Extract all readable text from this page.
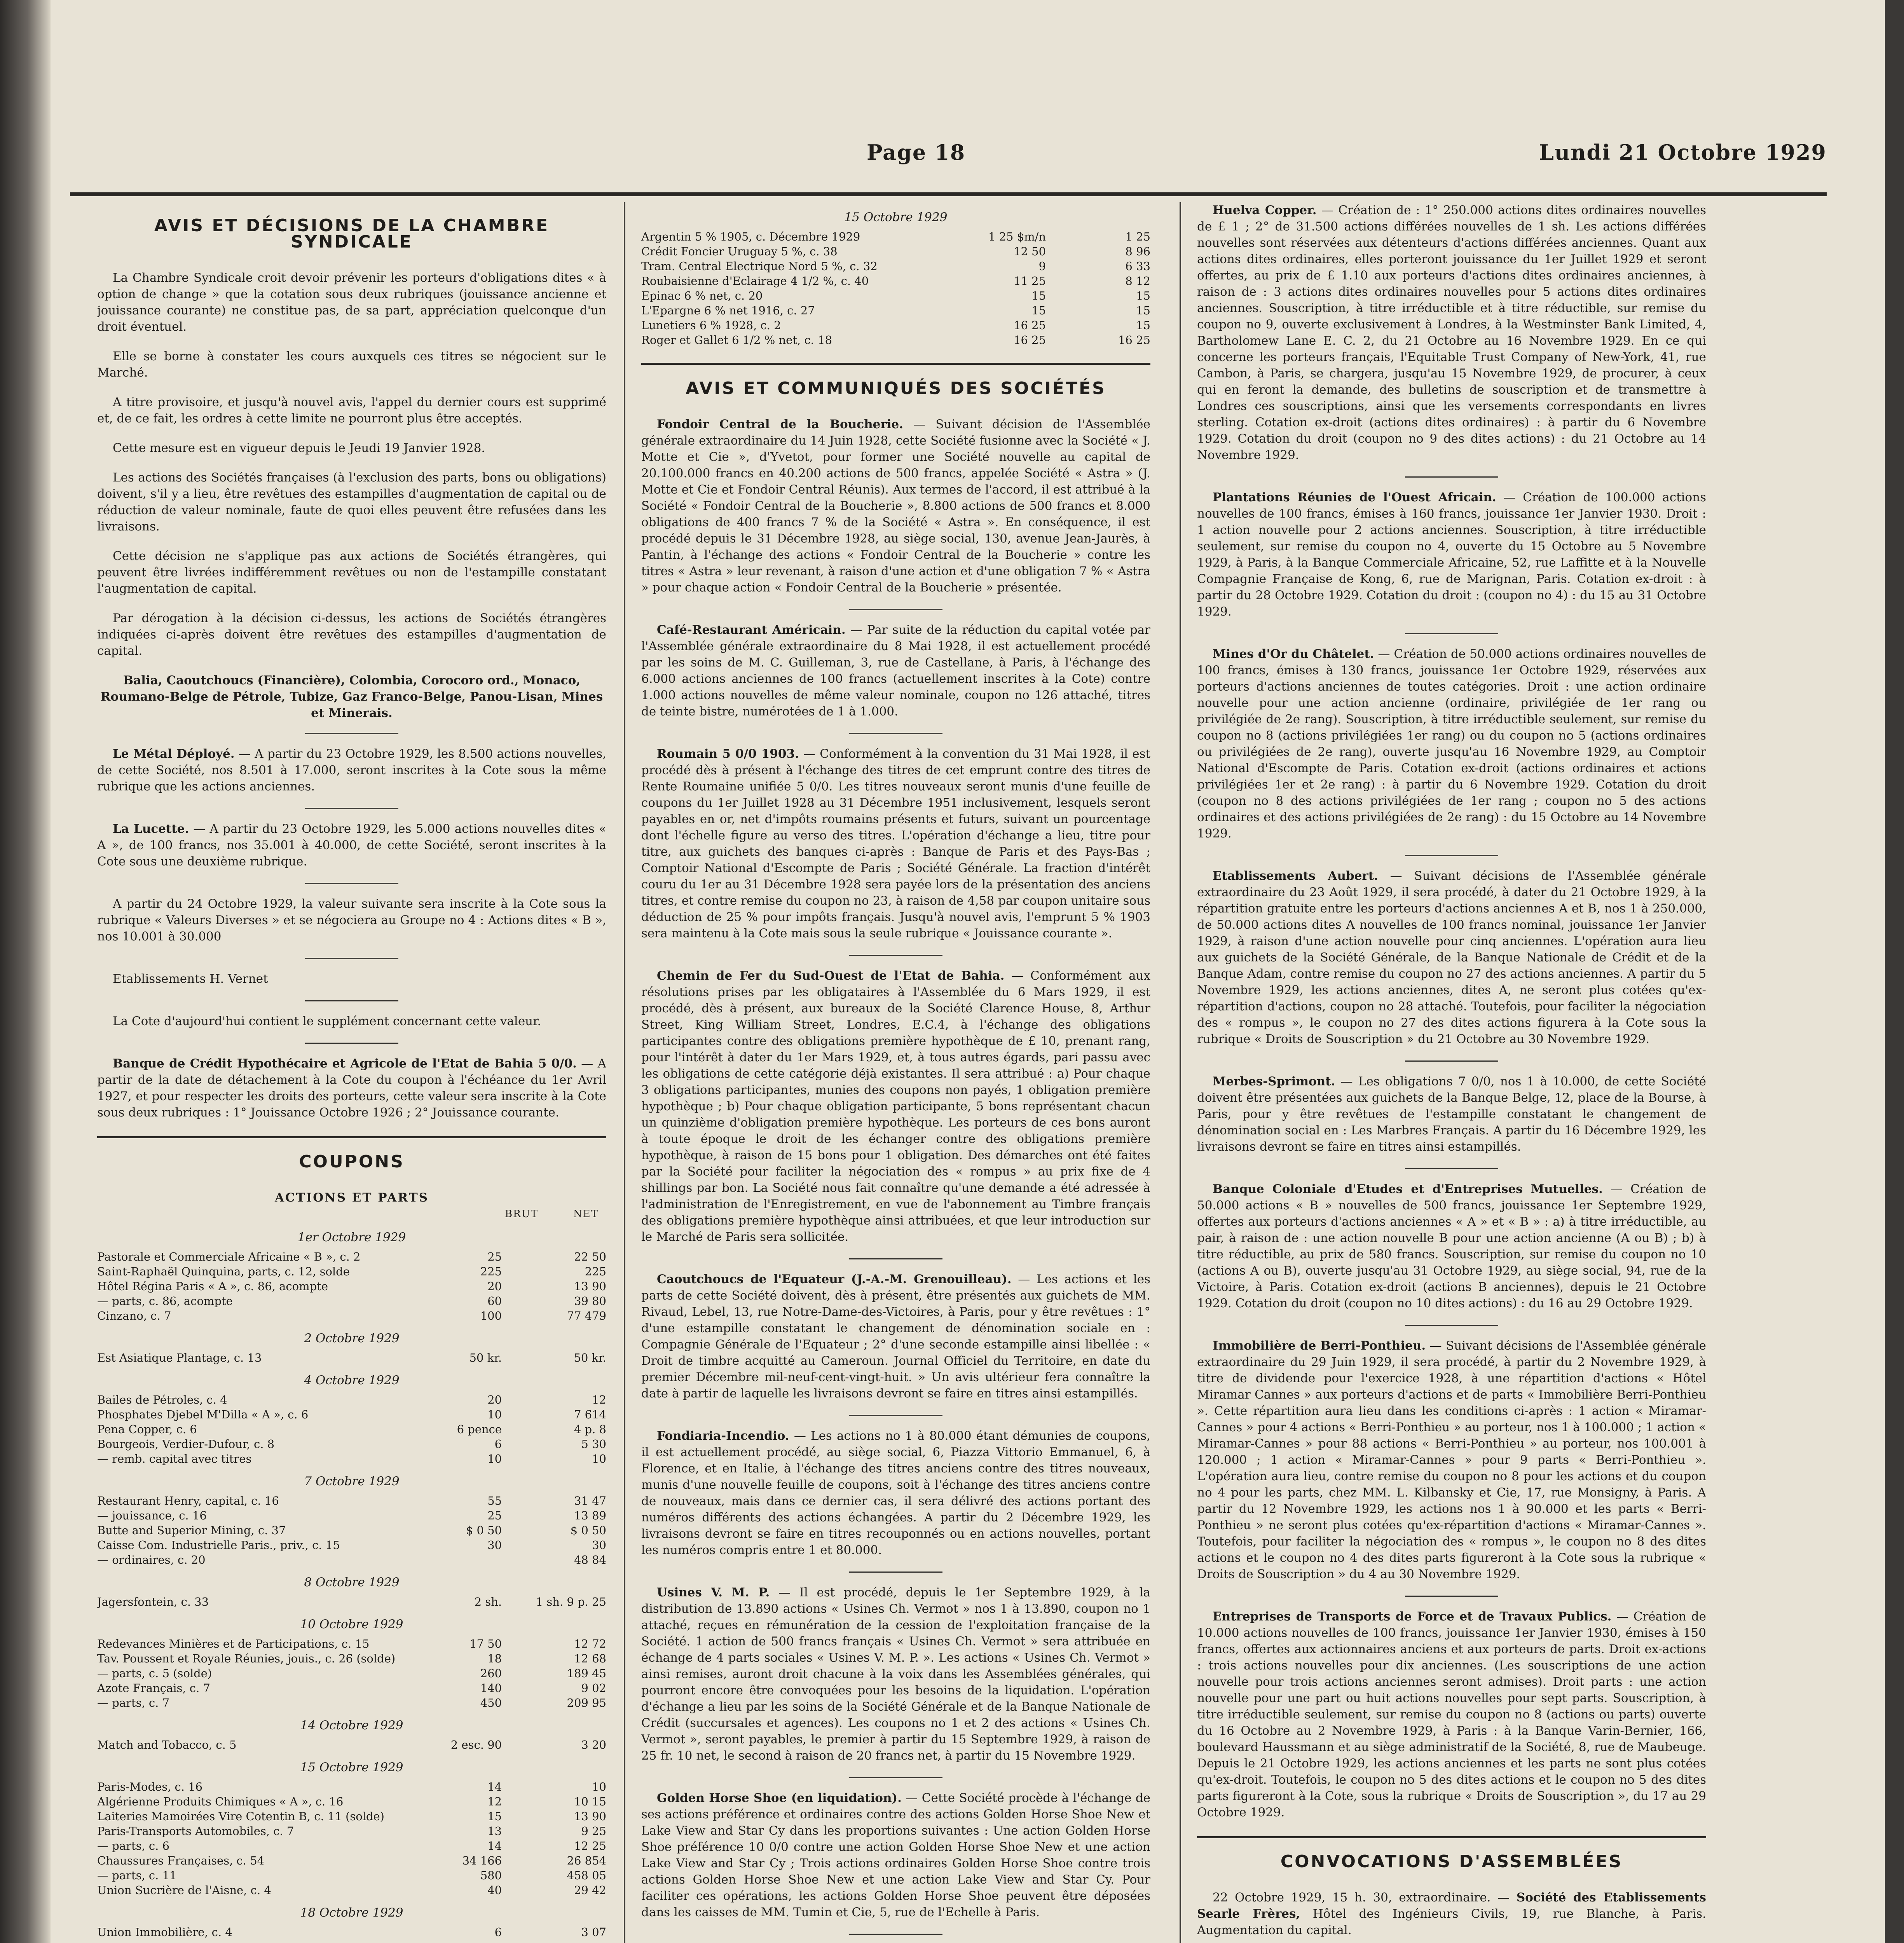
Page 18	Lundi 21 Octobre 1929
AVIS ET DÉCISIONS DE LA CHAMBRE SYNDICALE

La Chambre Syndicale croit devoir prévenir les porteurs d'obligations dites « à option de change » que la cotation sous deux rubriques (jouissance ancienne et jouissance courante) ne constitue pas, de sa part, appréciation quelconque d'un droit éventuel.

Elle se borne à constater les cours auxquels ces titres se négocient sur le Marché.

A titre provisoire, et jusqu'à nouvel avis, l'appel du dernier cours est supprimé et, de ce fait, les ordres à cette limite ne pourront plus être acceptés.

Cette mesure est en vigueur depuis le Jeudi 19 Janvier 1928.

Les actions des Sociétés françaises (à l'exclusion des parts, bons ou obligations) doivent, s'il y a lieu, être revêtues des estampilles d'augmentation de capital ou de réduction de valeur nominale, faute de quoi elles peuvent être refusées dans les livraisons.

Cette décision ne s'applique pas aux actions de Sociétés étrangères, qui peuvent être livrées indifféremment revêtues ou non de l'estampille constatant l'augmentation de capital.

Par dérogation à la décision ci-dessus, les actions de Sociétés étrangères indiquées ci-après doivent être revêtues des estampilles d'augmentation de capital.

Balia, Caoutchoucs (Financière), Colombia, Corocoro ord., Monaco, Roumano-Belge de Pétrole, Tubize, Gaz Franco-Belge, Panou-Lisan, Mines et Minerais.

Le Métal Déployé. — A partir du 23 Octobre 1929, les 8.500 actions nouvelles, de cette Société, nos 8.501 à 17.000, seront inscrites à la Cote sous la même rubrique que les actions anciennes.

La Lucette. — A partir du 23 Octobre 1929, les 5.000 actions nouvelles dites « A », de 100 francs, nos 35.001 à 40.000, de cette Société, seront inscrites à la Cote sous une deuxième rubrique.

A partir du 24 Octobre 1929, la valeur suivante sera inscrite à la Cote sous la rubrique « Valeurs Diverses » et se négociera au Groupe no 4 : Actions dites « B », nos 10.001 à 30.000

Etablissements H. Vernet

La Cote d'aujourd'hui contient le supplément concernant cette valeur.

Banque de Crédit Hypothécaire et Agricole de l'Etat de Bahia 5 0/0. — A partir de la date de détachement à la Cote du coupon à l'échéance du 1er Avril 1927, et pour respecter les droits des porteurs, cette valeur sera inscrite à la Cote sous deux rubriques : 1° Jouissance Octobre 1926 ; 2° Jouissance courante.

COUPONS
ACTIONS ET PARTS
BRUT	NET
1er Octobre 1929
Pastorale et Commerciale Africaine « B », c. 2	25	22 50
Saint-Raphaël Quinquina, parts, c. 12, solde	225	225
Hôtel Régina Paris « A », c. 86, acompte	20	13 90
— parts, c. 86, acompte	60	39 80
Cinzano, c. 7	100	77 479
2 Octobre 1929
Est Asiatique Plantage, c. 13	50 kr.	50 kr.
4 Octobre 1929
Bailes de Pétroles, c. 4	20	12
Phosphates Djebel M'Dilla « A », c. 6	10	7 614
Pena Copper, c. 6	6 pence	4 p. 8
Bourgeois, Verdier-Dufour, c. 8	6	5 30
— remb. capital avec titres	10	10
7 Octobre 1929
Restaurant Henry, capital, c. 16	55	31 47
— jouissance, c. 16	25	13 89
Butte and Superior Mining, c. 37	$ 0 50	$ 0 50
Caisse Com. Industrielle Paris., priv., c. 15	30	30
— ordinaires, c. 20		48 84
8 Octobre 1929
Jagersfontein, c. 33	2 sh.	1 sh. 9 p. 25
10 Octobre 1929
Redevances Minières et de Participations, c. 15	17 50	12 72
Tav. Poussent et Royale Réunies, jouis., c. 26 (solde)	18	12 68
— parts, c. 5 (solde)	260	189 45
Azote Français, c. 7	140	9 02
— parts, c. 7	450	209 95
14 Octobre 1929
Match and Tobacco, c. 5	2 esc. 90	3 20
15 Octobre 1929
Paris-Modes, c. 16	14	10
Algérienne Produits Chimiques « A », c. 16	12	10 15
Laiteries Mamoirées Vire Cotentin B, c. 11 (solde)	15	13 90
Paris-Transports Automobiles, c. 7	13	9 25
— parts, c. 6	14	12 25
Chaussures Françaises, c. 54	34 166	26 854
— parts, c. 11	580	458 05
Union Sucrière de l'Aisne, c. 4	40	29 42
18 Octobre 1929
Union Immobilière, c. 4	6	3 07

15 Octobre 1929
Argentin 5 % 1905, c. Décembre 1929	1 25 $m/n	1 25
Crédit Foncier Uruguay 5 %, c. 38	12 50	8 96
Tram. Central Electrique Nord 5 %, c. 32	9	6 33
Roubaisienne d'Eclairage 4 1/2 %, c. 40	11 25	8 12
Epinac 6 % net, c. 20	15	15
L'Epargne 6 % net 1916, c. 27	15	15
Lunetiers 6 % 1928, c. 2	16 25	15
Roger et Gallet 6 1/2 % net, c. 18	16 25	16 25
AVIS ET COMMUNIQUÉS DES SOCIÉTÉS

Fondoir Central de la Boucherie. — Suivant décision de l'Assemblée générale extraordinaire du 14 Juin 1928, cette Société fusionne avec la Société « J. Motte et Cie », d'Yvetot, pour former une Société nouvelle au capital de 20.100.000 francs en 40.200 actions de 500 francs, appelée Société « Astra » (J. Motte et Cie et Fondoir Central Réunis). Aux termes de l'accord, il est attribué à la Société « Fondoir Central de la Boucherie », 8.800 actions de 500 francs et 8.000 obligations de 400 francs 7 % de la Société « Astra ». En conséquence, il est procédé depuis le 31 Décembre 1928, au siège social, 130, avenue Jean-Jaurès, à Pantin, à l'échange des actions « Fondoir Central de la Boucherie » contre les titres « Astra » leur revenant, à raison d'une action et d'une obligation 7 % « Astra » pour chaque action « Fondoir Central de la Boucherie » présentée.

Café-Restaurant Américain. — Par suite de la réduction du capital votée par l'Assemblée générale extraordinaire du 8 Mai 1928, il est actuellement procédé par les soins de M. C. Guilleman, 3, rue de Castellane, à Paris, à l'échange des 6.000 actions anciennes de 100 francs (actuellement inscrites à la Cote) contre 1.000 actions nouvelles de même valeur nominale, coupon no 126 attaché, titres de teinte bistre, numérotées de 1 à 1.000.

Roumain 5 0/0 1903. — Conformément à la convention du 31 Mai 1928, il est procédé dès à présent à l'échange des titres de cet emprunt contre des titres de Rente Roumaine unifiée 5 0/0. Les titres nouveaux seront munis d'une feuille de coupons du 1er Juillet 1928 au 31 Décembre 1951 inclusivement, lesquels seront payables en or, net d'impôts roumains présents et futurs, suivant un pourcentage dont l'échelle figure au verso des titres. L'opération d'échange a lieu, titre pour titre, aux guichets des banques ci-après : Banque de Paris et des Pays-Bas ; Comptoir National d'Escompte de Paris ; Société Générale. La fraction d'intérêt couru du 1er au 31 Décembre 1928 sera payée lors de la présentation des anciens titres, et contre remise du coupon no 23, à raison de 4,58 par coupon unitaire sous déduction de 25 % pour impôts français. Jusqu'à nouvel avis, l'emprunt 5 % 1903 sera maintenu à la Cote mais sous la seule rubrique « Jouissance courante ».

Chemin de Fer du Sud-Ouest de l'Etat de Bahia. — Conformément aux résolutions prises par les obligataires à l'Assemblée du 6 Mars 1929, il est procédé, dès à présent, aux bureaux de la Société Clarence House, 8, Arthur Street, King William Street, Londres, E.C.4, à l'échange des obligations participantes contre des obligations première hypothèque de £ 10, prenant rang, pour l'intérêt à dater du 1er Mars 1929, et, à tous autres égards, pari passu avec les obligations de cette catégorie déjà existantes. Il sera attribué : a) Pour chaque 3 obligations participantes, munies des coupons non payés, 1 obligation première hypothèque ; b) Pour chaque obligation participante, 5 bons représentant chacun un quinzième d'obligation première hypothèque. Les porteurs de ces bons auront à toute époque le droit de les échanger contre des obligations première hypothèque, à raison de 15 bons pour 1 obligation. Des démarches ont été faites par la Société pour faciliter la négociation des « rompus » au prix fixe de 4 shillings par bon. La Société nous fait connaître qu'une demande a été adressée à l'administration de l'Enregistrement, en vue de l'abonnement au Timbre français des obligations première hypothèque ainsi attribuées, et que leur introduction sur le Marché de Paris sera sollicitée.

Caoutchoucs de l'Equateur (J.-A.-M. Grenouilleau). — Les actions et les parts de cette Société doivent, dès à présent, être présentés aux guichets de MM. Rivaud, Lebel, 13, rue Notre-Dame-des-Victoires, à Paris, pour y être revêtues : 1° d'une estampille constatant le changement de dénomination sociale en : Compagnie Générale de l'Equateur ; 2° d'une seconde estampille ainsi libellée : « Droit de timbre acquitté au Cameroun. Journal Officiel du Territoire, en date du premier Décembre mil-neuf-cent-vingt-huit. » Un avis ultérieur fera connaître la date à partir de laquelle les livraisons devront se faire en titres ainsi estampillés.

Fondiaria-Incendio. — Les actions no 1 à 80.000 étant démunies de coupons, il est actuellement procédé, au siège social, 6, Piazza Vittorio Emmanuel, 6, à Florence, et en Italie, à l'échange des titres anciens contre des titres nouveaux, munis d'une nouvelle feuille de coupons, soit à l'échange des titres anciens contre de nouveaux, mais dans ce dernier cas, il sera délivré des actions portant des numéros différents des actions échangées. A partir du 2 Décembre 1929, les livraisons devront se faire en titres recouponnés ou en actions nouvelles, portant les numéros compris entre 1 et 80.000.

Usines V. M. P. — Il est procédé, depuis le 1er Septembre 1929, à la distribution de 13.890 actions « Usines Ch. Vermot » nos 1 à 13.890, coupon no 1 attaché, reçues en rémunération de la cession de l'exploitation française de la Société. 1 action de 500 francs français « Usines Ch. Vermot » sera attribuée en échange de 4 parts sociales « Usines V. M. P. ». Les actions « Usines Ch. Vermot » ainsi remises, auront droit chacune à la voix dans les Assemblées générales, qui pourront encore être convoquées pour les besoins de la liquidation. L'opération d'échange a lieu par les soins de la Société Générale et de la Banque Nationale de Crédit (succursales et agences). Les coupons no 1 et 2 des actions « Usines Ch. Vermot », seront payables, le premier à partir du 15 Septembre 1929, à raison de 25 fr. 10 net, le second à raison de 20 francs net, à partir du 15 Novembre 1929.

Golden Horse Shoe (en liquidation). — Cette Société procède à l'échange de ses actions préférence et ordinaires contre des actions Golden Horse Shoe New et Lake View and Star Cy dans les proportions suivantes : Une action Golden Horse Shoe préférence 10 0/0 contre une action Golden Horse Shoe New et une action Lake View and Star Cy ; Trois actions ordinaires Golden Horse Shoe contre trois actions Golden Horse Shoe New et une action Lake View and Star Cy. Pour faciliter ces opérations, les actions Golden Horse Shoe peuvent être déposées dans les caisses de MM. Tumin et Cie, 5, rue de l'Echelle à Paris.

Huelva Copper. — Création de : 1° 250.000 actions dites ordinaires nouvelles de £ 1 ; 2° de 31.500 actions différées nouvelles de 1 sh. Les actions différées nouvelles sont réservées aux détenteurs d'actions différées anciennes. Quant aux actions dites ordinaires, elles porteront jouissance du 1er Juillet 1929 et seront offertes, au prix de £ 1.10 aux porteurs d'actions dites ordinaires anciennes, à raison de : 3 actions dites ordinaires nouvelles pour 5 actions dites ordinaires anciennes. Souscription, à titre irréductible et à titre réductible, sur remise du coupon no 9, ouverte exclusivement à Londres, à la Westminster Bank Limited, 4, Bartholomew Lane E. C. 2, du 21 Octobre au 16 Novembre 1929. En ce qui concerne les porteurs français, l'Equitable Trust Company of New-York, 41, rue Cambon, à Paris, se chargera, jusqu'au 15 Novembre 1929, de procurer, à ceux qui en feront la demande, des bulletins de souscription et de transmettre à Londres ces souscriptions, ainsi que les versements correspondants en livres sterling. Cotation ex-droit (actions dites ordinaires) : à partir du 6 Novembre 1929. Cotation du droit (coupon no 9 des dites actions) : du 21 Octobre au 14 Novembre 1929.

Plantations Réunies de l'Ouest Africain. — Création de 100.000 actions nouvelles de 100 francs, émises à 160 francs, jouissance 1er Janvier 1930. Droit : 1 action nouvelle pour 2 actions anciennes. Souscription, à titre irréductible seulement, sur remise du coupon no 4, ouverte du 15 Octobre au 5 Novembre 1929, à Paris, à la Banque Commerciale Africaine, 52, rue Laffitte et à la Nouvelle Compagnie Française de Kong, 6, rue de Marignan, Paris. Cotation ex-droit : à partir du 28 Octobre 1929. Cotation du droit : (coupon no 4) : du 15 au 31 Octobre 1929.

Mines d'Or du Châtelet. — Création de 50.000 actions ordinaires nouvelles de 100 francs, émises à 130 francs, jouissance 1er Octobre 1929, réservées aux porteurs d'actions anciennes de toutes catégories. Droit : une action ordinaire nouvelle pour une action ancienne (ordinaire, privilégiée de 1er rang ou privilégiée de 2e rang). Souscription, à titre irréductible seulement, sur remise du coupon no 8 (actions privilégiées 1er rang) ou du coupon no 5 (actions ordinaires ou privilégiées de 2e rang), ouverte jusqu'au 16 Novembre 1929, au Comptoir National d'Escompte de Paris. Cotation ex-droit (actions ordinaires et actions privilégiées 1er et 2e rang) : à partir du 6 Novembre 1929. Cotation du droit (coupon no 8 des actions privilégiées de 1er rang ; coupon no 5 des actions ordinaires et des actions privilégiées de 2e rang) : du 15 Octobre au 14 Novembre 1929.

Etablissements Aubert. — Suivant décisions de l'Assemblée générale extraordinaire du 23 Août 1929, il sera procédé, à dater du 21 Octobre 1929, à la répartition gratuite entre les porteurs d'actions anciennes A et B, nos 1 à 250.000, de 50.000 actions dites A nouvelles de 100 francs nominal, jouissance 1er Janvier 1929, à raison d'une action nouvelle pour cinq anciennes. L'opération aura lieu aux guichets de la Société Générale, de la Banque Nationale de Crédit et de la Banque Adam, contre remise du coupon no 27 des actions anciennes. A partir du 5 Novembre 1929, les actions anciennes, dites A, ne seront plus cotées qu'ex-répartition d'actions, coupon no 28 attaché. Toutefois, pour faciliter la négociation des « rompus », le coupon no 27 des dites actions figurera à la Cote sous la rubrique « Droits de Souscription » du 21 Octobre au 30 Novembre 1929.

Merbes-Sprimont. — Les obligations 7 0/0, nos 1 à 10.000, de cette Société doivent être présentées aux guichets de la Banque Belge, 12, place de la Bourse, à Paris, pour y être revêtues de l'estampille constatant le changement de dénomination social en : Les Marbres Français. A partir du 16 Décembre 1929, les livraisons devront se faire en titres ainsi estampillés.

Banque Coloniale d'Etudes et d'Entreprises Mutuelles. — Création de 50.000 actions « B » nouvelles de 500 francs, jouissance 1er Septembre 1929, offertes aux porteurs d'actions anciennes « A » et « B » : a) à titre irréductible, au pair, à raison de : une action nouvelle B pour une action ancienne (A ou B) ; b) à titre réductible, au prix de 580 francs. Souscription, sur remise du coupon no 10 (actions A ou B), ouverte jusqu'au 31 Octobre 1929, au siège social, 94, rue de la Victoire, à Paris. Cotation ex-droit (actions B anciennes), depuis le 21 Octobre 1929. Cotation du droit (coupon no 10 dites actions) : du 16 au 29 Octobre 1929.

Immobilière de Berri-Ponthieu. — Suivant décisions de l'Assemblée générale extraordinaire du 29 Juin 1929, il sera procédé, à partir du 2 Novembre 1929, à titre de dividende pour l'exercice 1928, à une répartition d'actions « Hôtel Miramar Cannes » aux porteurs d'actions et de parts « Immobilière Berri-Ponthieu ». Cette répartition aura lieu dans les conditions ci-après : 1 action « Miramar-Cannes » pour 4 actions « Berri-Ponthieu » au porteur, nos 1 à 100.000 ; 1 action « Miramar-Cannes » pour 88 actions « Berri-Ponthieu » au porteur, nos 100.001 à 120.000 ; 1 action « Miramar-Cannes » pour 9 parts « Berri-Ponthieu ». L'opération aura lieu, contre remise du coupon no 8 pour les actions et du coupon no 4 pour les parts, chez MM. L. Kilbansky et Cie, 17, rue Monsigny, à Paris. A partir du 12 Novembre 1929, les actions nos 1 à 90.000 et les parts « Berri-Ponthieu » ne seront plus cotées qu'ex-répartition d'actions « Miramar-Cannes ». Toutefois, pour faciliter la négociation des « rompus », le coupon no 8 des dites actions et le coupon no 4 des dites parts figureront à la Cote sous la rubrique « Droits de Souscription » du 4 au 30 Novembre 1929.

Entreprises de Transports de Force et de Travaux Publics. — Création de 10.000 actions nouvelles de 100 francs, jouissance 1er Janvier 1930, émises à 150 francs, offertes aux actionnaires anciens et aux porteurs de parts. Droit ex-actions : trois actions nouvelles pour dix anciennes. (Les souscriptions de une action nouvelle pour trois actions anciennes seront admises). Droit parts : une action nouvelle pour une part ou huit actions nouvelles pour sept parts. Souscription, à titre irréductible seulement, sur remise du coupon no 8 (actions ou parts) ouverte du 16 Octobre au 2 Novembre 1929, à Paris : à la Banque Varin-Bernier, 166, boulevard Haussmann et au siège administratif de la Société, 8, rue de Maubeuge. Depuis le 21 Octobre 1929, les actions anciennes et les parts ne sont plus cotées qu'ex-droit. Toutefois, le coupon no 5 des dites actions et le coupon no 5 des dites parts figureront à la Cote, sous la rubrique « Droits de Souscription », du 17 au 29 Octobre 1929.

CONVOCATIONS D'ASSEMBLÉES

22 Octobre 1929, 15 h. 30, extraordinaire. — Société des Etablissements Searle Frères, Hôtel des Ingénieurs Civils, 19, rue Blanche, à Paris. Augmentation du capital.
